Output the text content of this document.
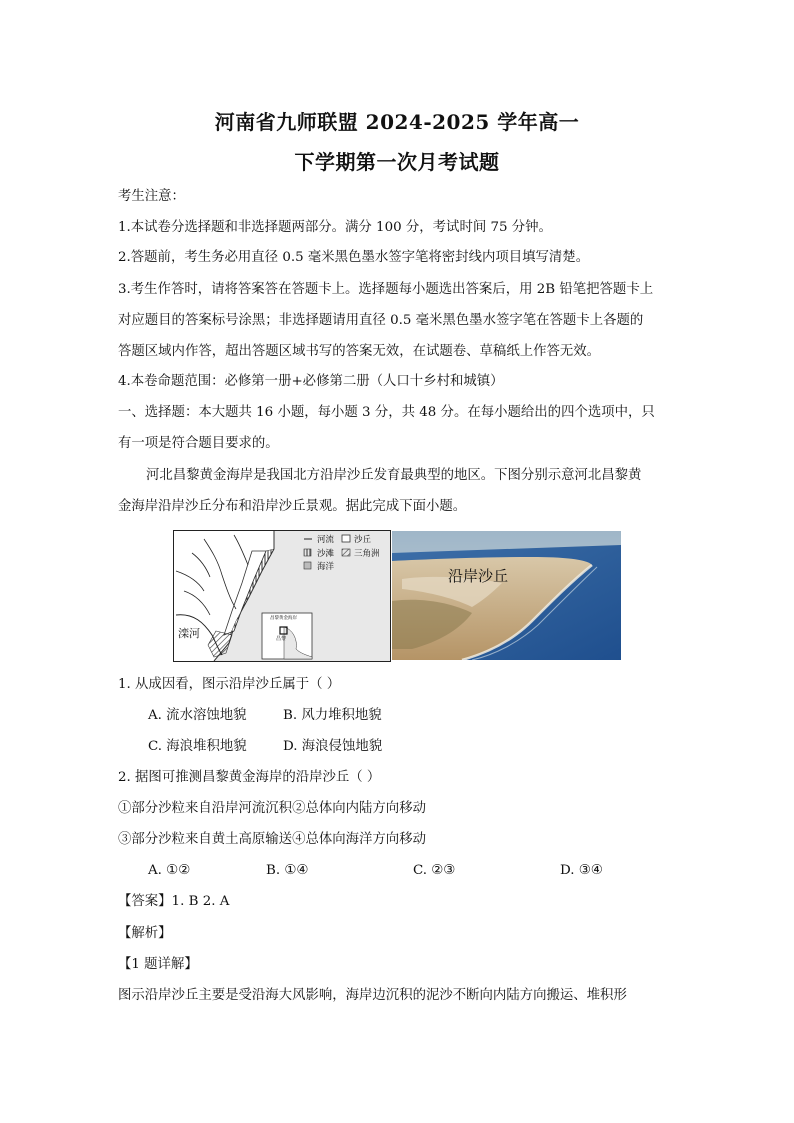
河南省九师联盟 2024-2025 学年高一
下学期第一次月考试题
考生注意：
1.本试卷分选择题和非选择题两部分。满分 100 分，考试时间 75 分钟。
2.答题前，考生务必用直径 0.5 毫米黑色墨水签字笔将密封线内项目填写清楚。
3.考生作答时，请将答案答在答题卡上。选择题每小题选出答案后，用 2B 铅笔把答题卡上
对应题目的答案标号涂黑；非选择题请用直径 0.5 毫米黑色墨水签字笔在答题卡上各题的
答题区域内作答，超出答题区域书写的答案无效，在试题卷、草稿纸上作答无效。
4.本卷命题范围：必修第一册+必修第二册（人口十乡村和城镇）
一、选择题：本大题共 16 小题，每小题 3 分，共 48 分。在每小题给出的四个选项中，只
有一项是符合题目要求的。
河北昌黎黄金海岸是我国北方沿岸沙丘发育最典型的地区。下图分别示意河北昌黎黄
金海岸沿岸沙丘分布和沿岸沙丘景观。据此完成下面小题。
河流 沙丘
沙滩 三角洲
海洋
滦河
昌黎黄金海岸
昌黎
沿岸沙丘
1. 从成因看，图示沿岸沙丘属于（ ）
A. 流水溶蚀地貌	B. 风力堆积地貌
C. 海浪堆积地貌	D. 海浪侵蚀地貌
2. 据图可推测昌黎黄金海岸的沿岸沙丘（ ）
①部分沙粒来自沿岸河流沉积②总体向内陆方向移动
③部分沙粒来自黄土高原输送④总体向海洋方向移动
A. ①②	B. ①④	C. ②③	D. ③④
【答案】1. B 2. A
【解析】
【1 题详解】
图示沿岸沙丘主要是受沿海大风影响，海岸边沉积的泥沙不断向内陆方向搬运、堆积形
